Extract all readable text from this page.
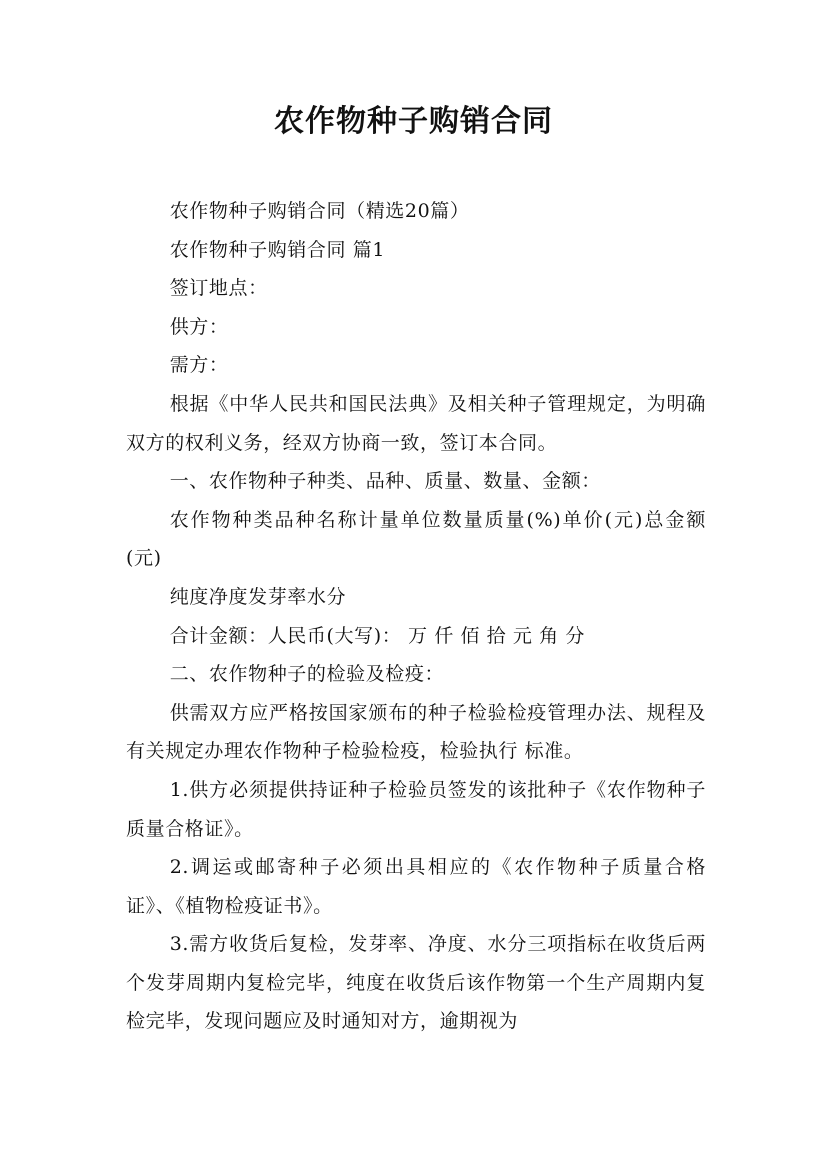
农作物种子购销合同

农作物种子购销合同（精选20篇）

农作物种子购销合同 篇1

签订地点：

供方：

需方：

根据《中华人民共和国民法典》及相关种子管理规定，为明确双方的权利义务，经双方协商一致，签订本合同。

一、农作物种子种类、品种、质量、数量、金额：

农作物种类品种名称计量单位数量质量(%)单价(元)总金额(元)

纯度净度发芽率水分

合计金额：人民币(大写)： 万 仟 佰 拾 元 角 分

二、农作物种子的检验及检疫：

供需双方应严格按国家颁布的种子检验检疫管理办法、规程及有关规定办理农作物种子检验检疫，检验执行 标准。

1.供方必须提供持证种子检验员签发的该批种子《农作物种子质量合格证》。

2.调运或邮寄种子必须出具相应的《农作物种子质量合格证》、《植物检疫证书》。

3.需方收货后复检，发芽率、净度、水分三项指标在收货后两个发芽周期内复检完毕，纯度在收货后该作物第一个生产周期内复检完毕，发现问题应及时通知对方，逾期视为
